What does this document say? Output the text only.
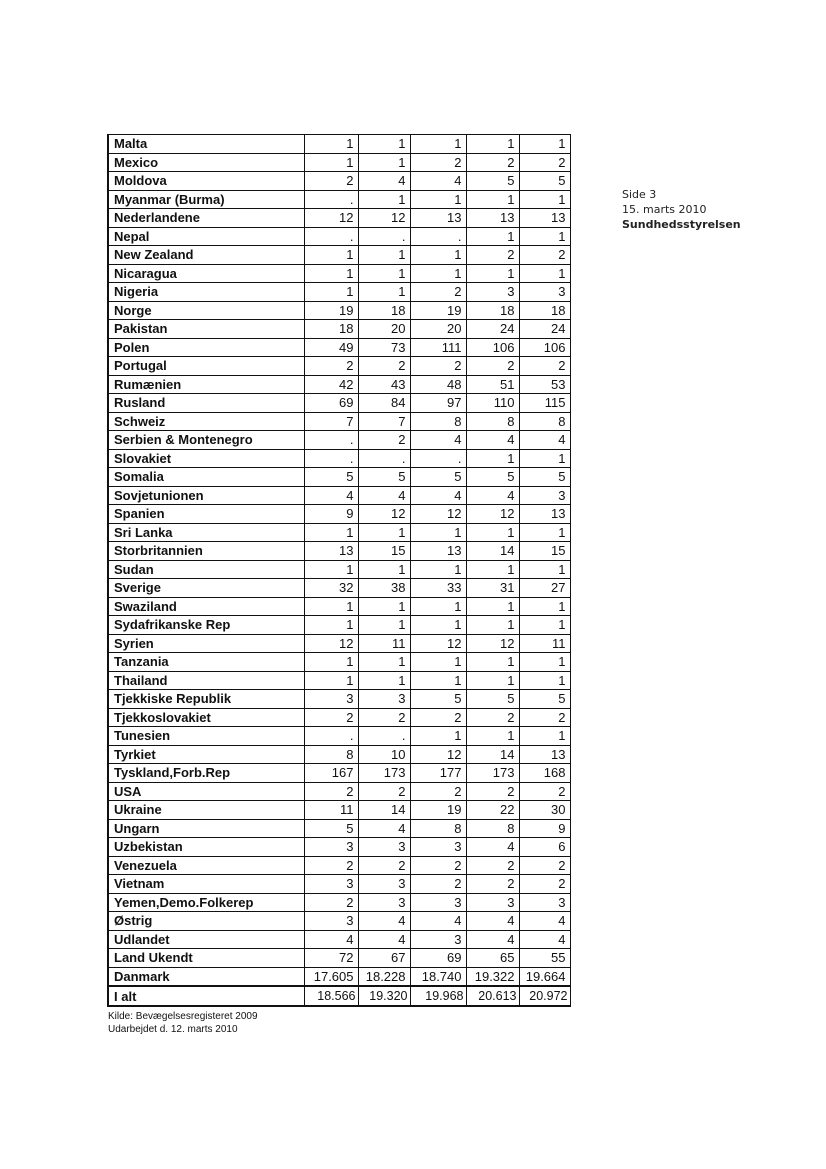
Malta	1	1	1	1	1
Mexico	1	1	2	2	2
Moldova	2	4	4	5	5
Myanmar (Burma)	.	1	1	1	1
Nederlandene	12	12	13	13	13
Nepal	.	.	.	1	1
New Zealand	1	1	1	2	2
Nicaragua	1	1	1	1	1
Nigeria	1	1	2	3	3
Norge	19	18	19	18	18
Pakistan	18	20	20	24	24
Polen	49	73	111	106	106
Portugal	2	2	2	2	2
Rumænien	42	43	48	51	53
Rusland	69	84	97	110	115
Schweiz	7	7	8	8	8
Serbien & Montenegro	.	2	4	4	4
Slovakiet	.	.	.	1	1
Somalia	5	5	5	5	5
Sovjetunionen	4	4	4	4	3
Spanien	9	12	12	12	13
Sri Lanka	1	1	1	1	1
Storbritannien	13	15	13	14	15
Sudan	1	1	1	1	1
Sverige	32	38	33	31	27
Swaziland	1	1	1	1	1
Sydafrikanske Rep	1	1	1	1	1
Syrien	12	11	12	12	11
Tanzania	1	1	1	1	1
Thailand	1	1	1	1	1
Tjekkiske Republik	3	3	5	5	5
Tjekkoslovakiet	2	2	2	2	2
Tunesien	.	.	1	1	1
Tyrkiet	8	10	12	14	13
Tyskland,Forb.Rep	167	173	177	173	168
USA	2	2	2	2	2
Ukraine	11	14	19	22	30
Ungarn	5	4	8	8	9
Uzbekistan	3	3	3	4	6
Venezuela	2	2	2	2	2
Vietnam	3	3	2	2	2
Yemen,Demo.Folkerep	2	3	3	3	3
Østrig	3	4	4	4	4
Udlandet	4	4	3	4	4
Land Ukendt	72	67	69	65	55
Danmark	17.605	18.228	18.740	19.322	19.664
I alt	18.566	19.320	19.968	20.613	20.972
Side 3
15. marts 2010
Sundhedsstyrelsen
Kilde: Bevægelsesregisteret 2009
Udarbejdet d. 12. marts 2010
